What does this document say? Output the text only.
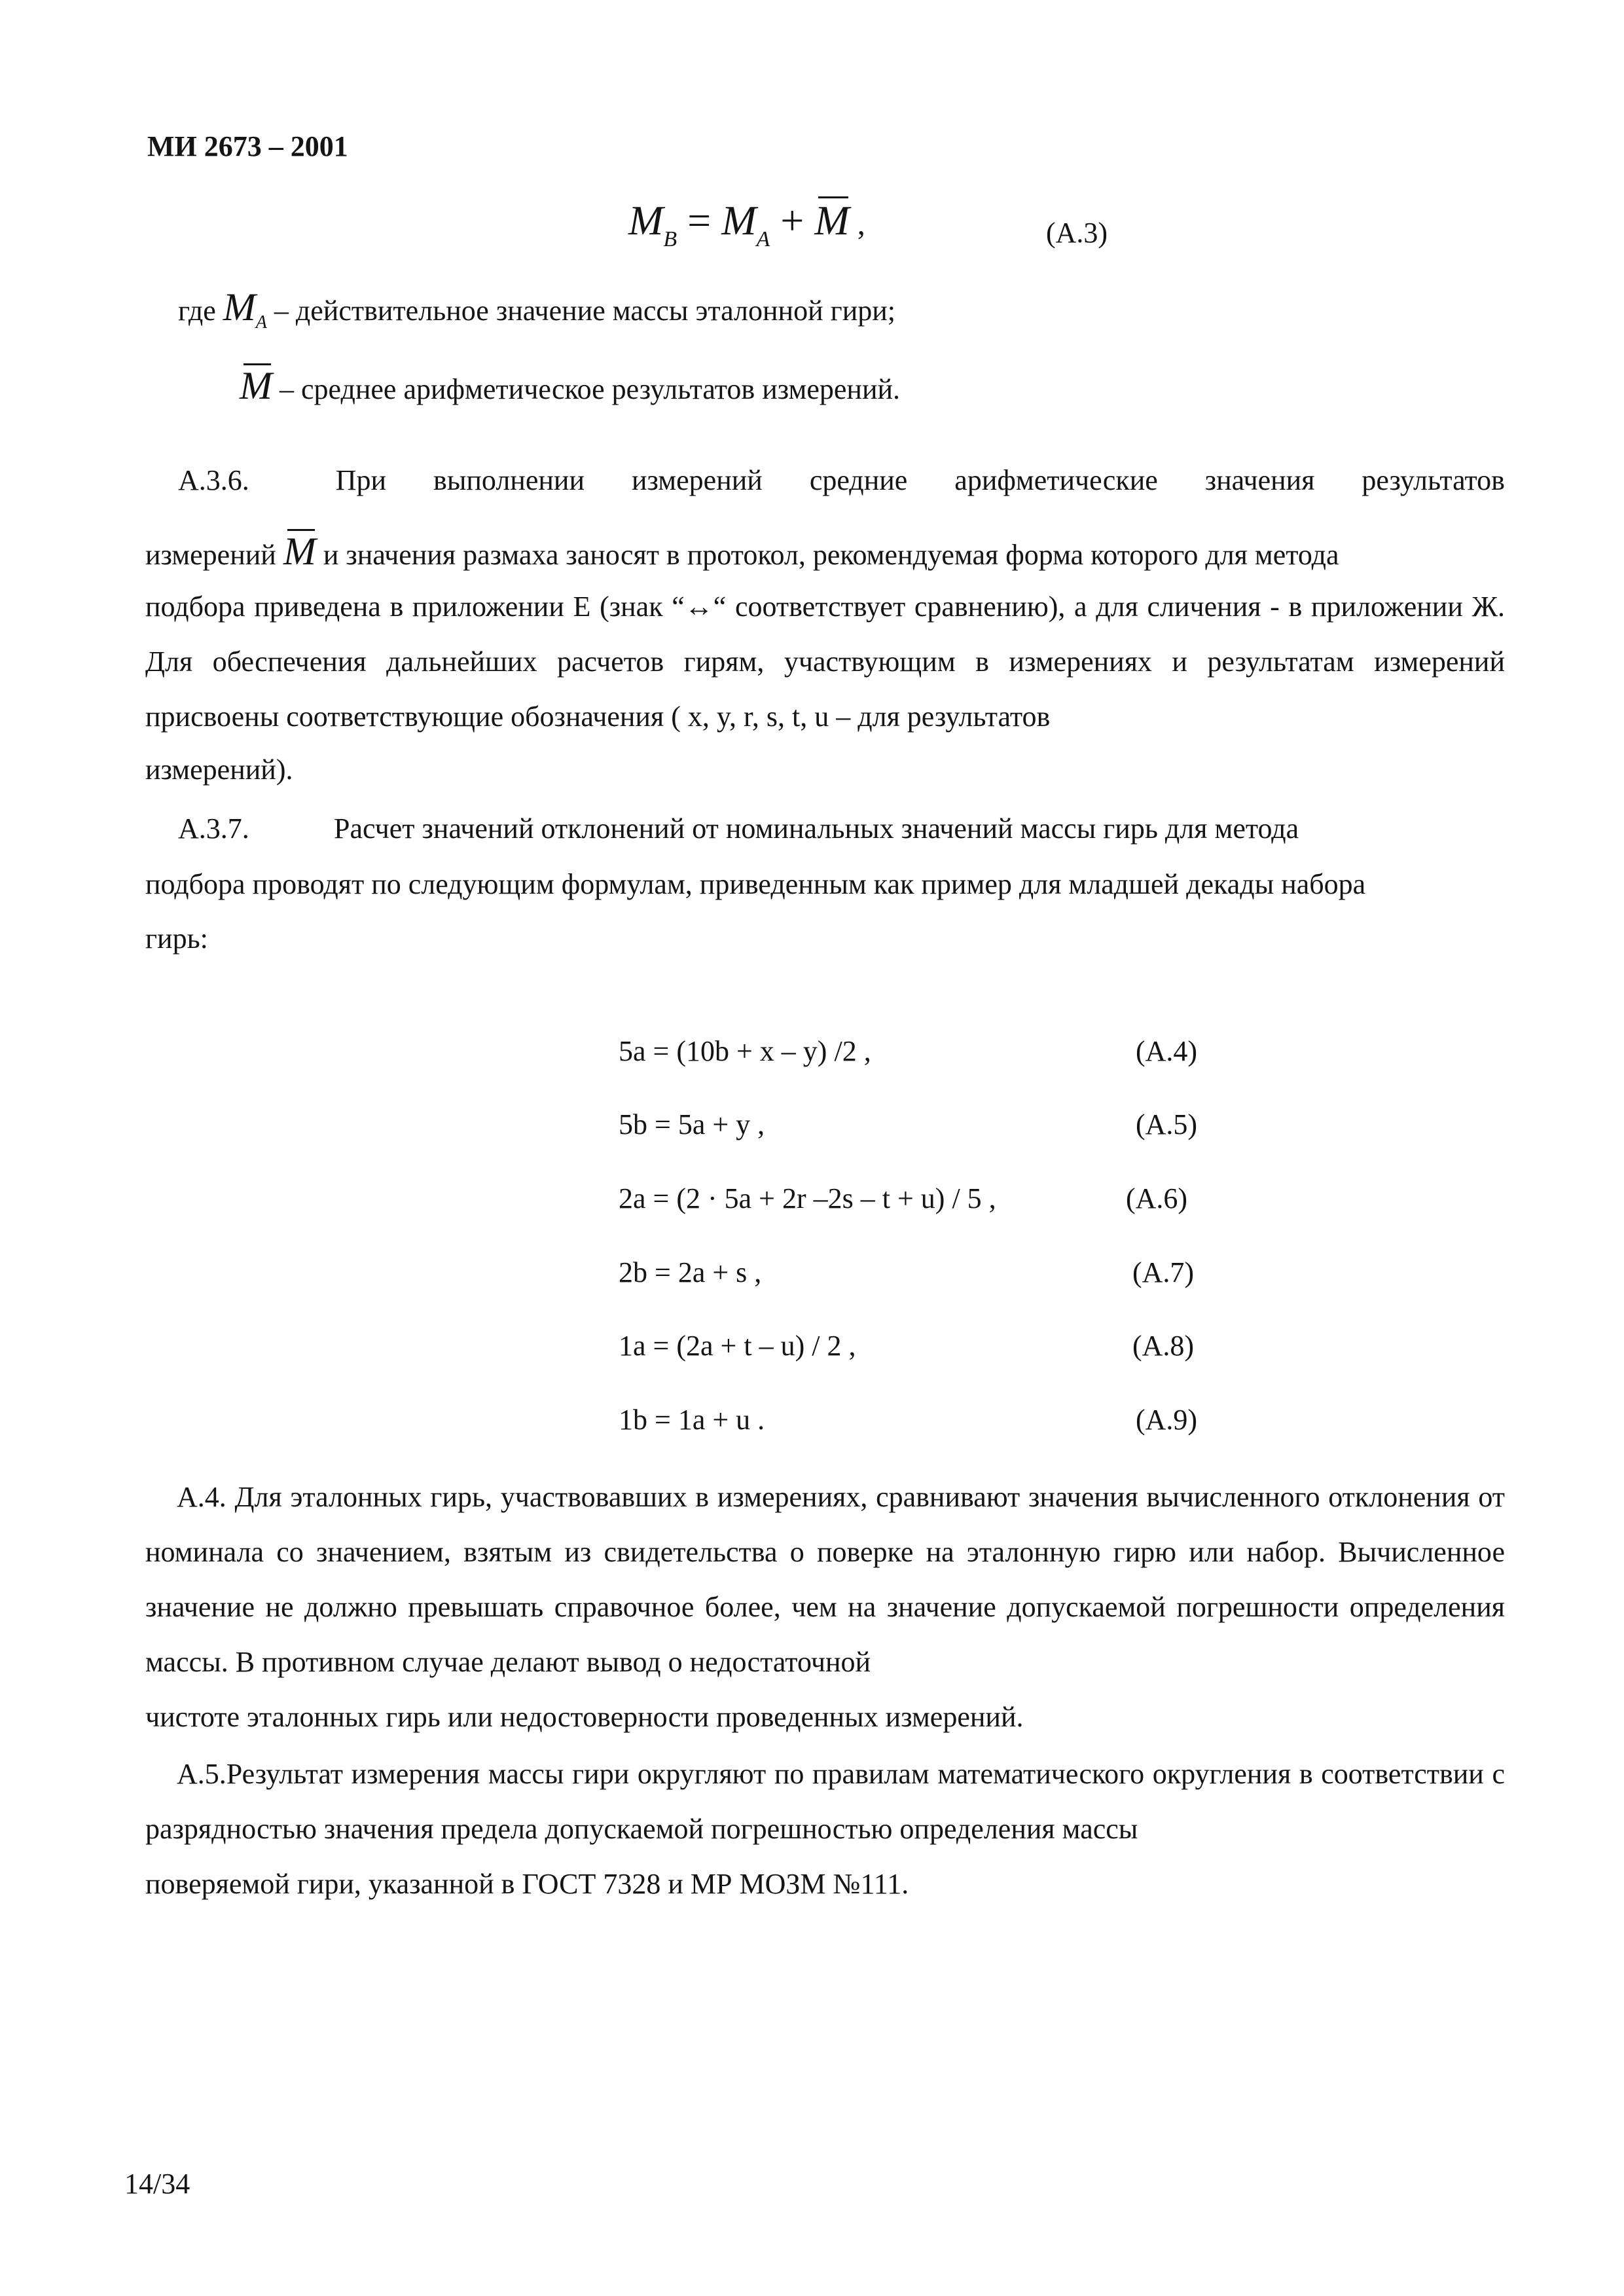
МИ 2673 – 2001
MВ = MА + M ,	(А.3)
где $M_А$ – действительное значение массы эталонной гири;
M – среднее арифметическое результатов измерений.
А.3.6.	При выполнении измерений средние арифметические значения результатов
измерений M и значения размаха заносят в протокол, рекомендуемая форма которого для метода
подбора приведена в приложении Е (знак “↔“ соответствует сравнению), а для сличения - в приложении Ж. Для обеспечения дальнейших расчетов гирям, участвующим в измерениях и результатам измерений присвоены соответствующие обозначения ( x, y, r, s, t, u – для результатов
измерений).
А.3.7.	Расчет значений отклонений от номинальных значений массы гирь для метода
подбора проводят по следующим формулам, приведенным как пример для младшей декады набора
гирь:
5a = (10b + x – y) /2 ,	(А.4)
5b = 5a + y ,	(А.5)
2a = (2 · 5a + 2r –2s – t + u) / 5 ,	(А.6)
2b = 2a + s ,	(А.7)
1a = (2a + t – u) / 2 ,	(А.8)
1b = 1a + u .	(А.9)
А.4. Для эталонных гирь, участвовавших в измерениях, сравнивают значения вычисленного отклонения от номинала со значением, взятым из свидетельства о поверке на эталонную гирю или набор. Вычисленное значение не должно превышать справочное более, чем на значение допускаемой погрешности определения массы. В противном случае делают вывод о недостаточной
чистоте эталонных гирь или недостоверности проведенных измерений.
А.5.Результат измерения массы гири округляют по правилам математического округления в соответствии с разрядностью значения предела допускаемой погрешностью определения массы
поверяемой гири, указанной в ГОСТ 7328 и МР МОЗМ №111.
14/34
